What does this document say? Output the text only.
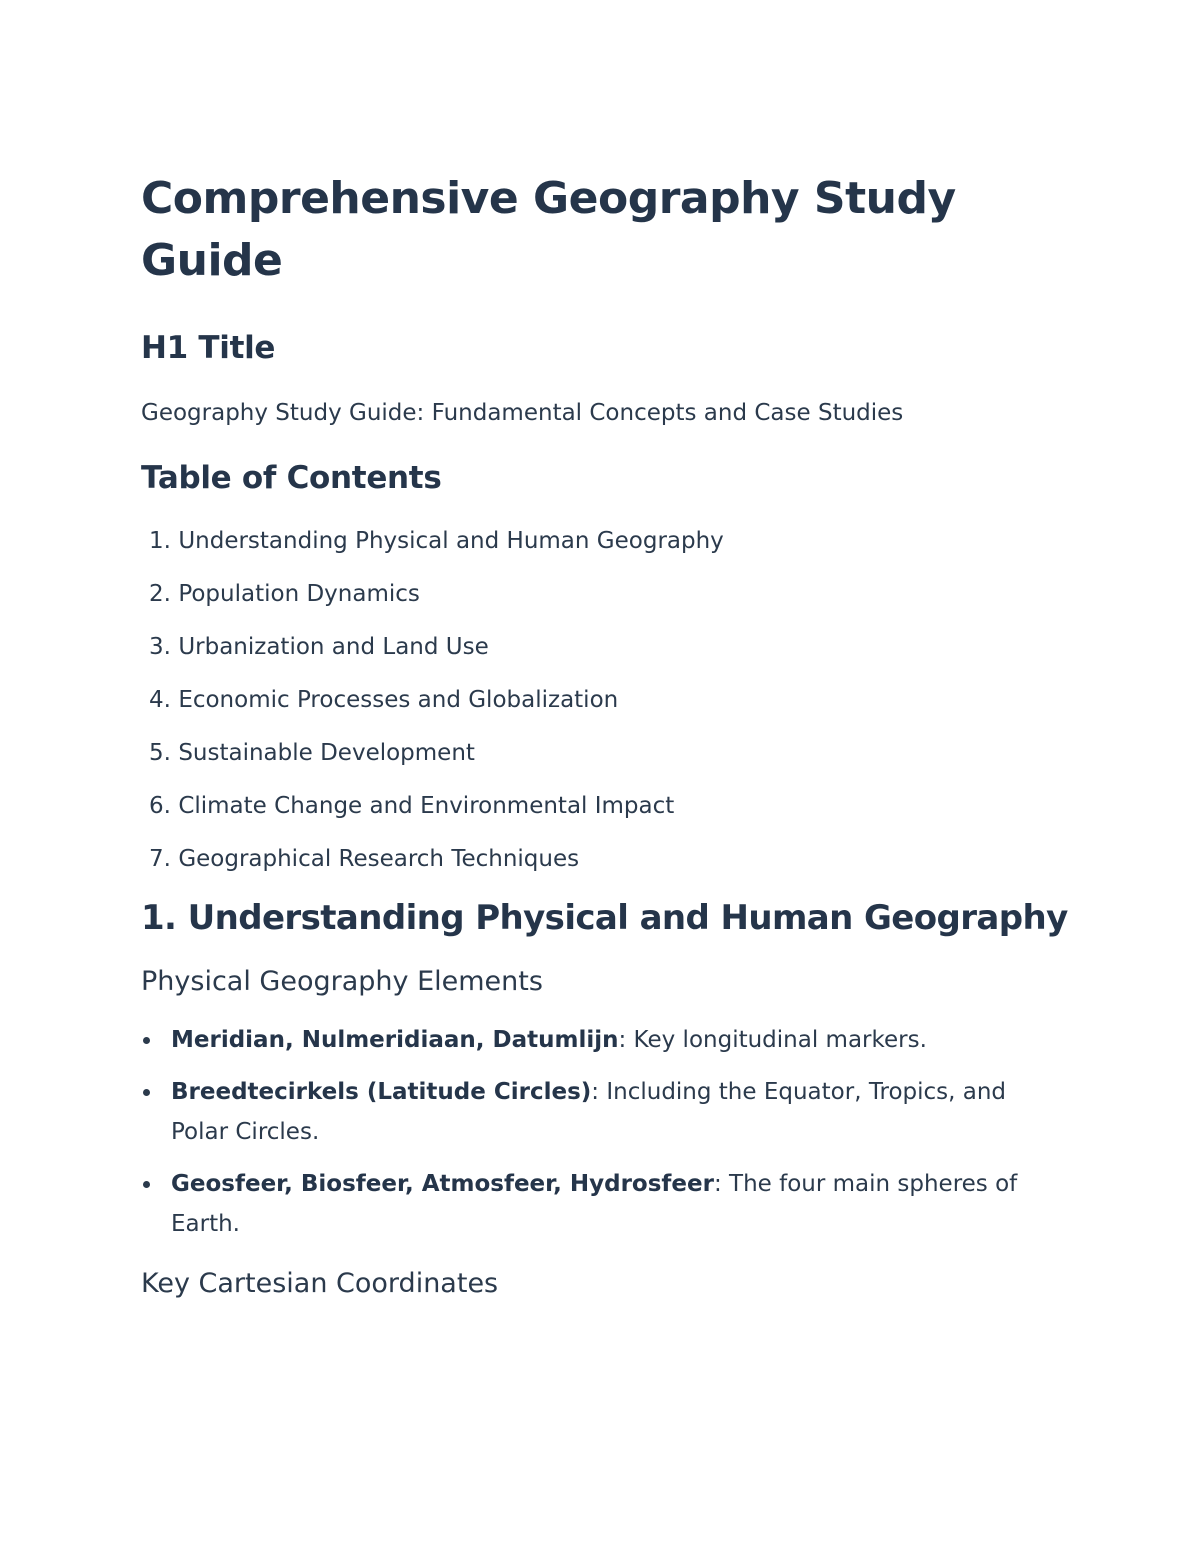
Comprehensive Geography Study Guide
H1 Title

Geography Study Guide: Fundamental Concepts and Case Studies

Table of Contents
1.
Understanding Physical and Human Geography
2.
Population Dynamics
3.
Urbanization and Land Use
4.
Economic Processes and Globalization
5.
Sustainable Development
6.
Climate Change and Environmental Impact
7.
Geographical Research Techniques
1. Understanding Physical and Human Geography
Physical Geography Elements
Meridian, Nulmeridiaan, Datumlijn: Key longitudinal markers.
Breedtecirkels (Latitude Circles): Including the Equator, Tropics, and Polar Circles.
Geosfeer, Biosfeer, Atmosfeer, Hydrosfeer: The four main spheres of Earth.
Key Cartesian Coordinates
